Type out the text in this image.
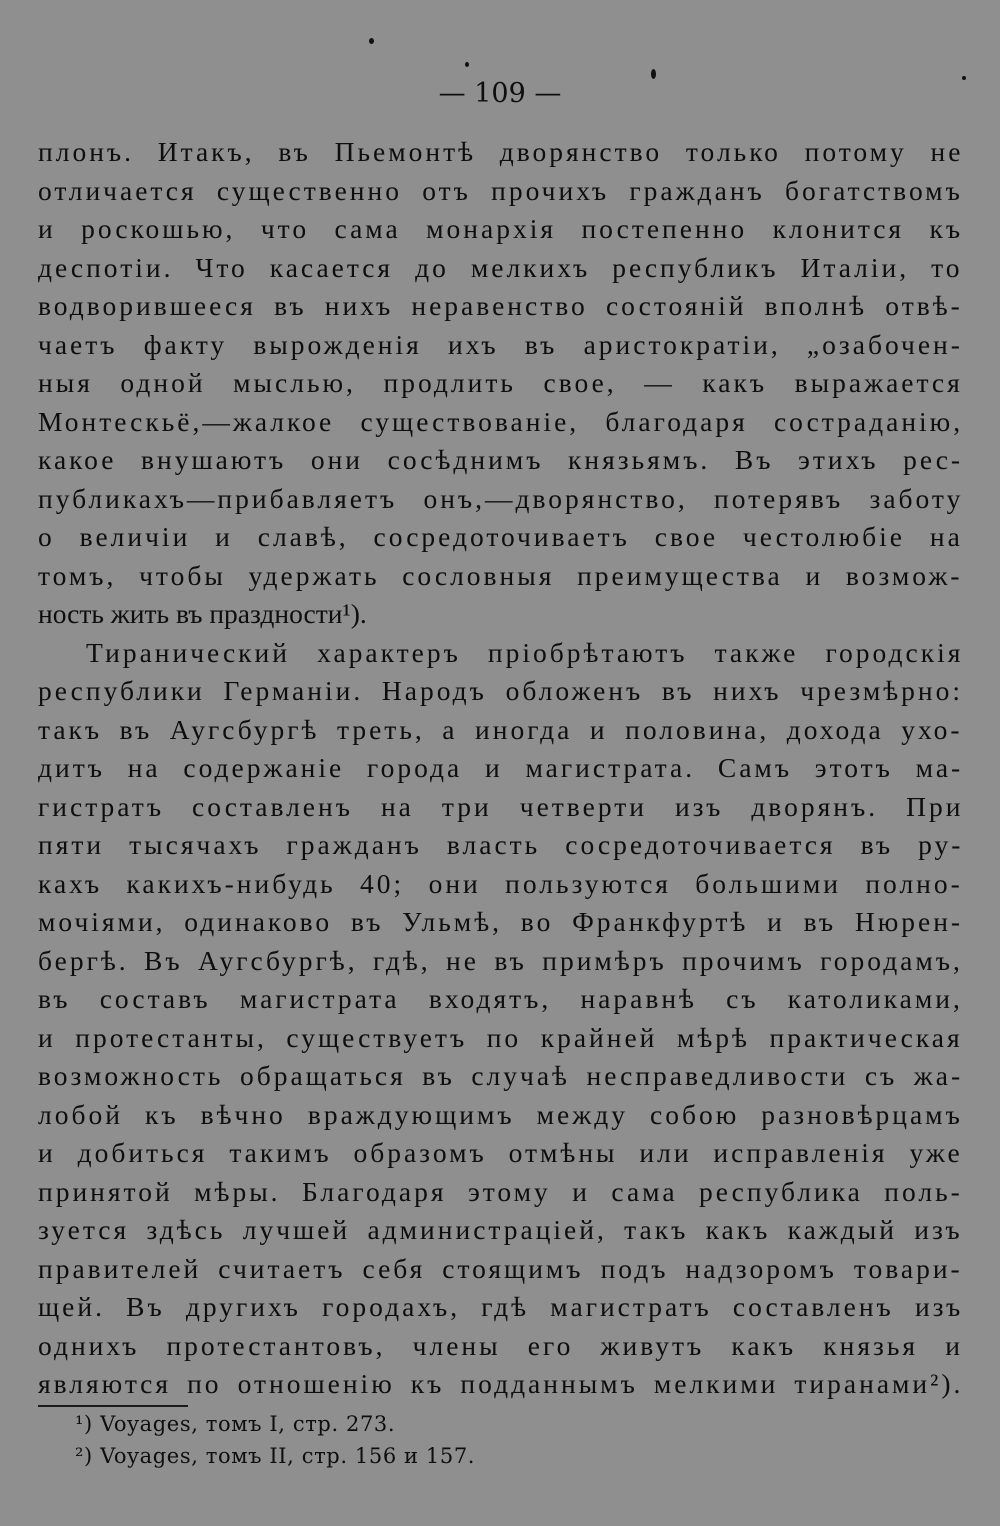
— 109 —
плонъ. Итакъ, въ Пьемонтѣ дворянство только потому не
отличается существенно отъ прочихъ гражданъ богатствомъ
и роскошью, что сама монархія постепенно клонится къ
деспотіи. Что касается до мелкихъ республикъ Италіи, то
водворившееся въ нихъ неравенство состояній вполнѣ отвѣ-
чаетъ факту вырожденія ихъ въ аристократіи, „озабочен-
ныя одной мыслью, продлить свое, — какъ выражается
Монтескьё,—жалкое существованіе, благодаря состраданію,
какое внушаютъ они сосѣднимъ князьямъ. Въ этихъ рес-
публикахъ—прибавляетъ онъ,—дворянство, потерявъ заботу
о величіи и славѣ, сосредоточиваетъ свое честолюбіе на
томъ, чтобы удержать сословныя преимущества и возмож-
ность жить въ праздности¹).
Тиранический характеръ пріобрѣтаютъ также городскія
республики Германіи. Народъ обложенъ въ нихъ чрезмѣрно:
такъ въ Аугсбургѣ треть, а иногда и половина, дохода ухо-
дитъ на содержаніе города и магистрата. Самъ этотъ ма-
гистратъ составленъ на три четверти изъ дворянъ. При
пяти тысячахъ гражданъ власть сосредоточивается въ ру-
кахъ какихъ-нибудь 40; они пользуются большими полно-
мочіями, одинаково въ Ульмѣ, во Франкфуртѣ и въ Нюрен-
бергѣ. Въ Аугсбургѣ, гдѣ, не въ примѣръ прочимъ городамъ,
въ составъ магистрата входятъ, наравнѣ съ католиками,
и протестанты, существуетъ по крайней мѣрѣ практическая
возможность обращаться въ случаѣ несправедливости съ жа-
лобой къ вѣчно враждующимъ между собою разновѣрцамъ
и добиться такимъ образомъ отмѣны или исправленія уже
принятой мѣры. Благодаря этому и сама республика поль-
зуется здѣсь лучшей администраціей, такъ какъ каждый изъ
правителей считаетъ себя стоящимъ подъ надзоромъ товари-
щей. Въ другихъ городахъ, гдѣ магистратъ составленъ изъ
однихъ протестантовъ, члены его живутъ какъ князья и
являются по отношенію къ подданнымъ мелкими тиранами²).
¹) Voyages, томъ I, стр. 273.
²) Voyages, томъ II, стр. 156 и 157.
